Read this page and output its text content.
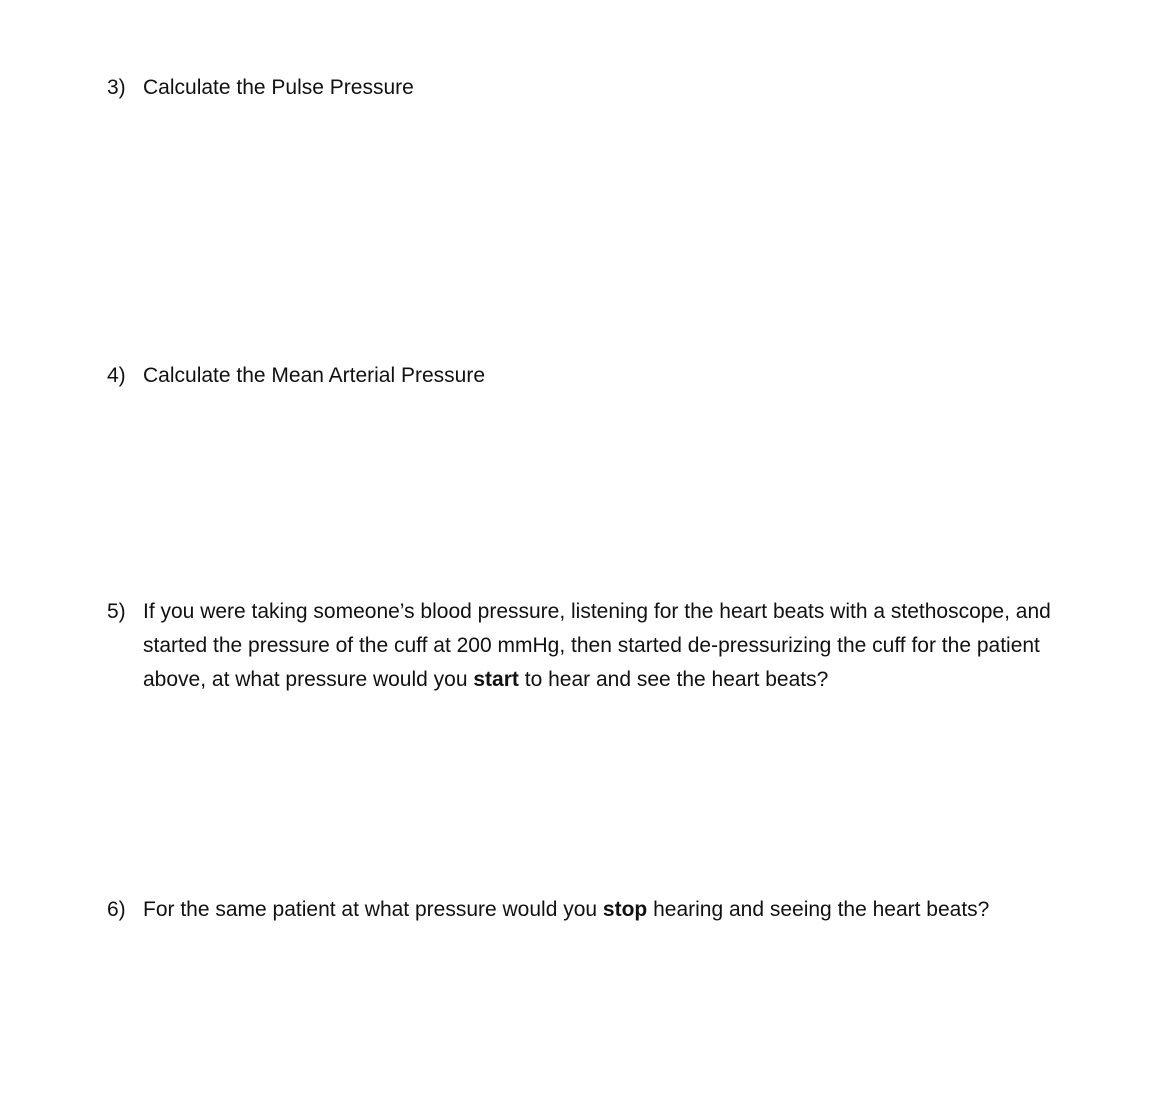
3) Calculate the Pulse Pressure
4) Calculate the Mean Arterial Pressure
5) If you were taking someone’s blood pressure, listening for the heart beats with a stethoscope, and started the pressure of the cuff at 200 mmHg, then started de-pressurizing the cuff for the patient above, at what pressure would you start to hear and see the heart beats?
6) For the same patient at what pressure would you stop hearing and seeing the heart beats?
